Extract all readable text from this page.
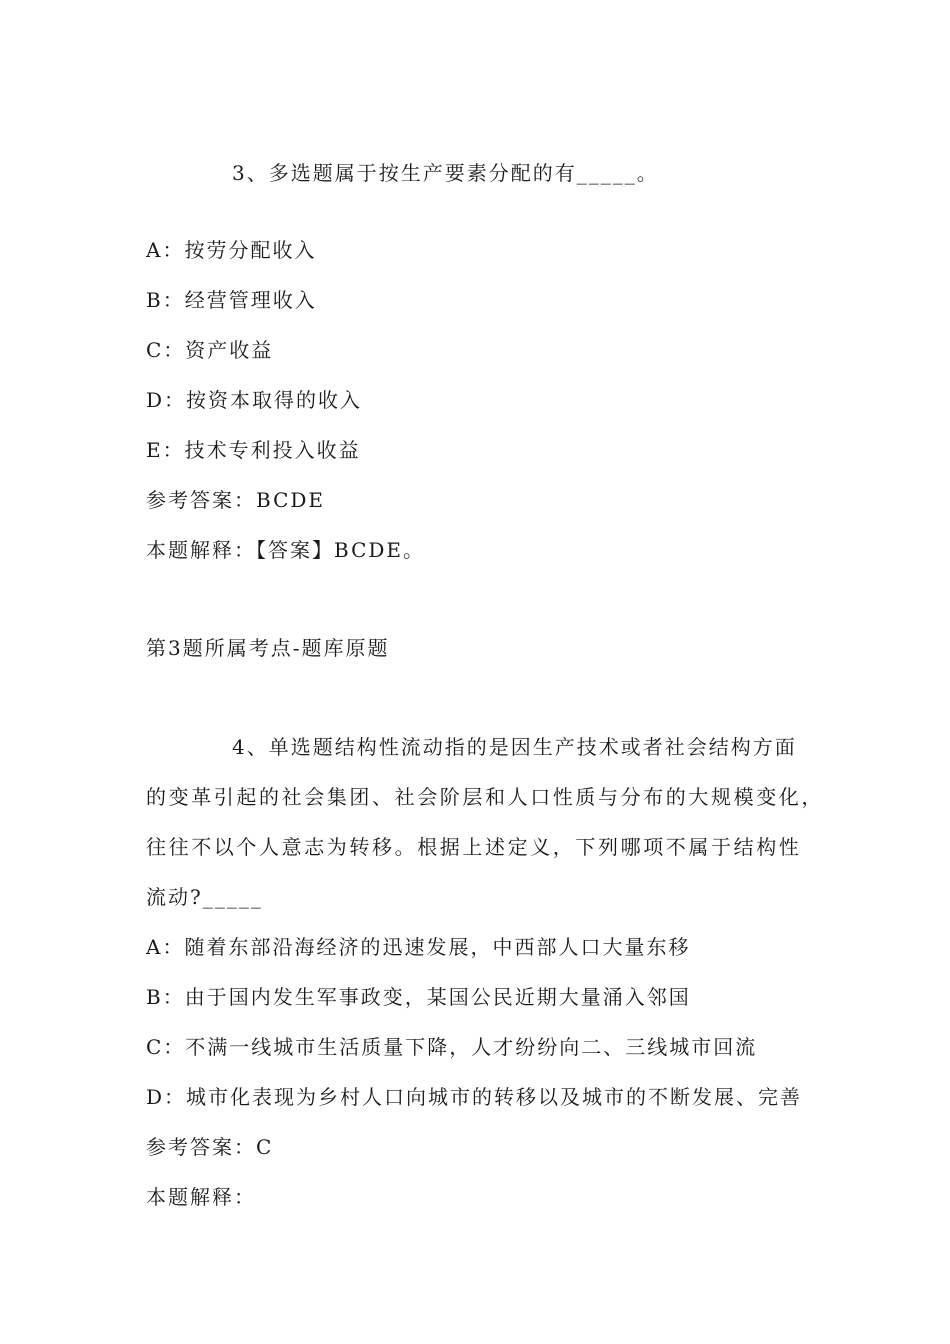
3、多选题属于按生产要素分配的有_____。
A：按劳分配收入
B：经营管理收入
C：资产收益
D：按资本取得的收入
E：技术专利投入收益
参考答案：BCDE
本题解释：【答案】BCDE。
第3题所属考点-题库原题
4、单选题结构性流动指的是因生产技术或者社会结构方面
的变革引起的社会集团、社会阶层和人口性质与分布的大规模变化，
往往不以个人意志为转移。根据上述定义，下列哪项不属于结构性
流动?_____
A：随着东部沿海经济的迅速发展，中西部人口大量东移
B：由于国内发生军事政变，某国公民近期大量涌入邻国
C：不满一线城市生活质量下降，人才纷纷向二、三线城市回流
D：城市化表现为乡村人口向城市的转移以及城市的不断发展、完善
参考答案：C
本题解释：
